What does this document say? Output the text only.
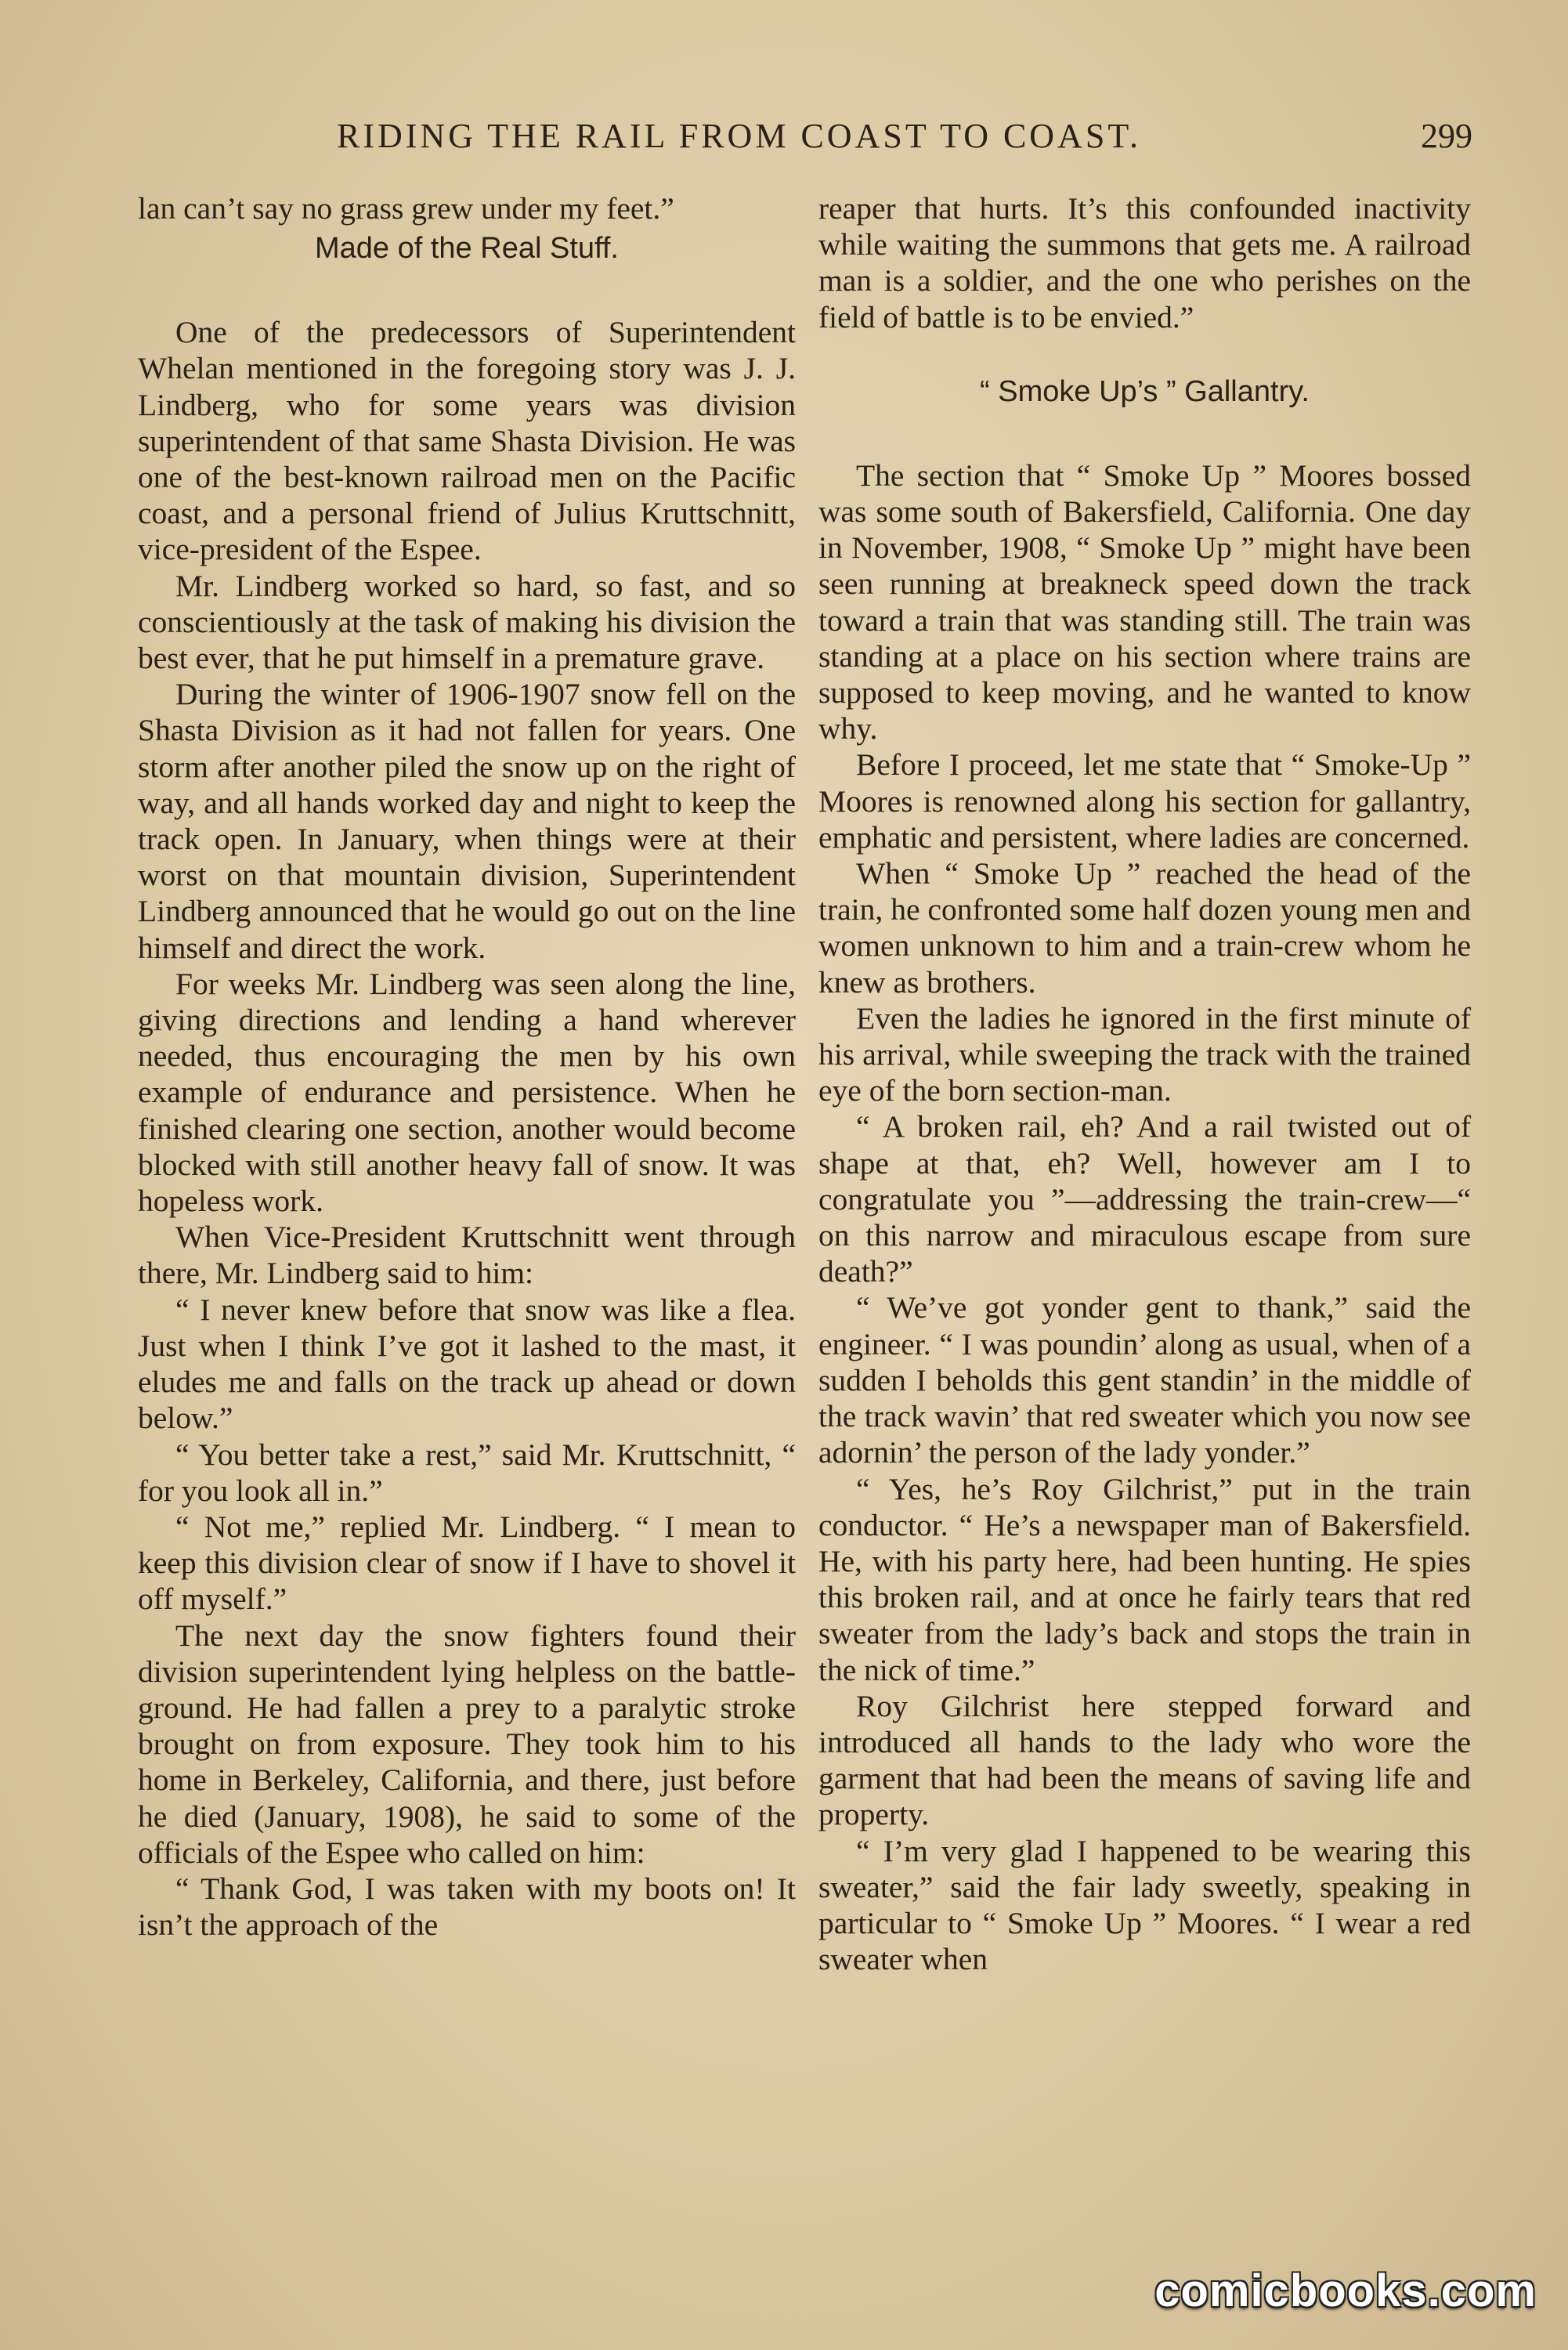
RIDING THE RAIL FROM COAST TO COAST.	299

lan can’t say no grass grew under my feet.”

Made of the Real Stuff.

One of the predecessors of Superintendent Whelan mentioned in the foregoing story was J. J. Lindberg, who for some years was division superintendent of that same Shasta Division. He was one of the best-known railroad men on the Pacific coast, and a personal friend of Julius Kruttschnitt, vice-president of the Espee.

Mr. Lindberg worked so hard, so fast, and so conscientiously at the task of making his division the best ever, that he put himself in a premature grave.

During the winter of 1906-1907 snow fell on the Shasta Division as it had not fallen for years. One storm after another piled the snow up on the right of way, and all hands worked day and night to keep the track open. In January, when things were at their worst on that mountain division, Superintendent Lindberg announced that he would go out on the line himself and direct the work.

For weeks Mr. Lindberg was seen along the line, giving directions and lending a hand wherever needed, thus encouraging the men by his own example of endurance and persistence. When he finished clearing one section, another would become blocked with still another heavy fall of snow. It was hopeless work.

When Vice-President Kruttschnitt went through there, Mr. Lindberg said to him:

“ I never knew before that snow was like a flea. Just when I think I’ve got it lashed to the mast, it eludes me and falls on the track up ahead or down below.”

“ You better take a rest,” said Mr. Kruttschnitt, “ for you look all in.”

“ Not me,” replied Mr. Lindberg. “ I mean to keep this division clear of snow if I have to shovel it off myself.”

The next day the snow fighters found their division superintendent lying helpless on the battle-ground. He had fallen a prey to a paralytic stroke brought on from exposure. They took him to his home in Berkeley, California, and there, just before he died (January, 1908), he said to some of the officials of the Espee who called on him:

“ Thank God, I was taken with my boots on! It isn’t the approach of the

reaper that hurts. It’s this confounded inactivity while waiting the summons that gets me. A railroad man is a soldier, and the one who perishes on the field of battle is to be envied.”

“ Smoke Up’s ” Gallantry.

The section that “ Smoke Up ” Moores bossed was some south of Bakersfield, California. One day in November, 1908, “ Smoke Up ” might have been seen running at breakneck speed down the track toward a train that was standing still. The train was standing at a place on his section where trains are supposed to keep moving, and he wanted to know why.

Before I proceed, let me state that “ Smoke-Up ” Moores is renowned along his section for gallantry, emphatic and persistent, where ladies are concerned.

When “ Smoke Up ” reached the head of the train, he confronted some half dozen young men and women unknown to him and a train-crew whom he knew as brothers.

Even the ladies he ignored in the first minute of his arrival, while sweeping the track with the trained eye of the born section-man.

“ A broken rail, eh? And a rail twisted out of shape at that, eh? Well, however am I to congratulate you ”—addressing the train-crew—“ on this narrow and miraculous escape from sure death?”

“ We’ve got yonder gent to thank,” said the engineer. “ I was poundin’ along as usual, when of a sudden I beholds this gent standin’ in the middle of the track wavin’ that red sweater which you now see adornin’ the person of the lady yonder.”

“ Yes, he’s Roy Gilchrist,” put in the train conductor. “ He’s a newspaper man of Bakersfield. He, with his party here, had been hunting. He spies this broken rail, and at once he fairly tears that red sweater from the lady’s back and stops the train in the nick of time.”

Roy Gilchrist here stepped forward and introduced all hands to the lady who wore the garment that had been the means of saving life and property.

“ I’m very glad I happened to be wearing this sweater,” said the fair lady sweetly, speaking in particular to “ Smoke Up ” Moores. “ I wear a red sweater when

comicbooks.com
